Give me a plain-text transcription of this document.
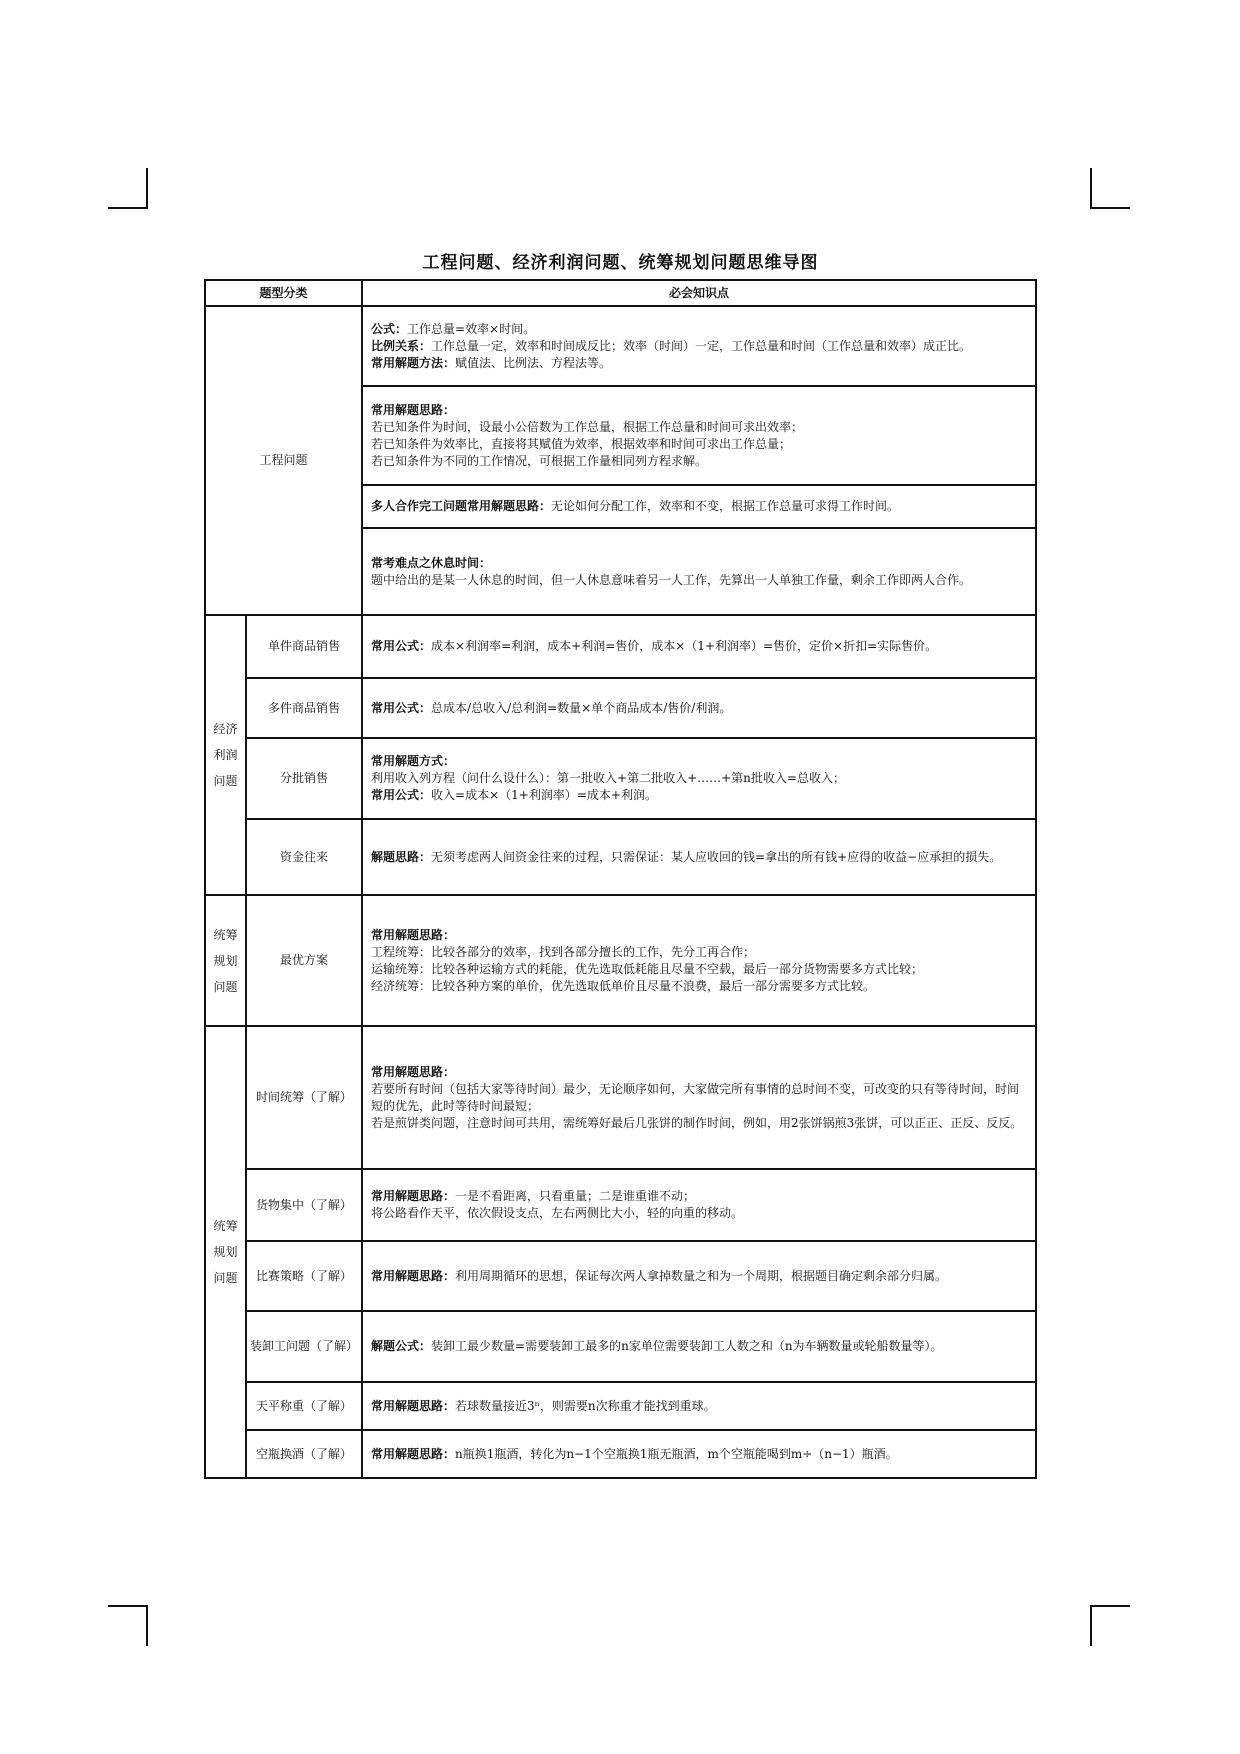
工程问题、经济利润问题、统筹规划问题思维导图
题型分类		必会知识点
工程问题		公式：工作总量=效率×时间。
比例关系：工作总量一定，效率和时间成反比；效率（时间）一定，工作总量和时间（工作总量和效率）成正比。
常用解题方法：赋值法、比例法、方程法等。

		常用解题思路：
若已知条件为时间，设最小公倍数为工作总量，根据工作总量和时间可求出效率；
若已知条件为效率比，直接将其赋值为效率，根据效率和时间可求出工作总量；
若已知条件为不同的工作情况，可根据工作量相同列方程求解。

		多人合作完工问题常用解题思路：无论如何分配工作，效率和不变，根据工作总量可求得工作时间。

		常考难点之休息时间：
题中给出的是某一人休息的时间，但一人休息意味着另一人工作，先算出一人单独工作量，剩余工作即两人合作。

经济利润问题	单件商品销售	常用公式：成本×利润率=利润，成本+利润=售价，成本×（1+利润率）=售价，定价×折扣=实际售价。

	多件商品销售	常用公式：总成本/总收入/总利润=数量×单个商品成本/售价/利润。

	分批销售	常用解题方式：
利用收入列方程（问什么设什么）：第一批收入+第二批收入+……+第n批收入=总收入；
常用公式：收入=成本×（1+利润率）=成本+利润。

	资金往来	解题思路：无须考虑两人间资金往来的过程，只需保证：某人应收回的钱=拿出的所有钱+应得的收益−应承担的损失。

统筹规划问题	最优方案	常用解题思路：
工程统筹：比较各部分的效率，找到各部分擅长的工作，先分工再合作；
运输统筹：比较各种运输方式的耗能，优先选取低耗能且尽量不空载，最后一部分货物需要多方式比较；
经济统筹：比较各种方案的单价，优先选取低单价且尽量不浪费，最后一部分需要多方式比较。

统筹规划问题	时间统筹（了解）	常用解题思路：
若要所有时间（包括大家等待时间）最少，无论顺序如何，大家做完所有事情的总时间不变，可改变的只有等待时间，时间短的优先，此时等待时间最短；
若是煎饼类问题，注意时间可共用，需统筹好最后几张饼的制作时间，例如，用2张饼锅煎3张饼，可以正正、正反、反反。

	货物集中（了解）	常用解题思路：一是不看距离，只看重量；二是谁重谁不动；
将公路看作天平，依次假设支点，左右两侧比大小，轻的向重的移动。

	比赛策略（了解）	常用解题思路：利用周期循环的思想，保证每次两人拿掉数量之和为一个周期，根据题目确定剩余部分归属。

	装卸工问题（了解）	解题公式：装卸工最少数量=需要装卸工最多的n家单位需要装卸工人数之和（n为车辆数量或轮船数量等）。

	天平称重（了解）	常用解题思路：若球数量接近3ⁿ，则需要n次称重才能找到重球。

	空瓶换酒（了解）	常用解题思路：n瓶换1瓶酒，转化为n−1个空瓶换1瓶无瓶酒，m个空瓶能喝到m÷（n−1）瓶酒。
